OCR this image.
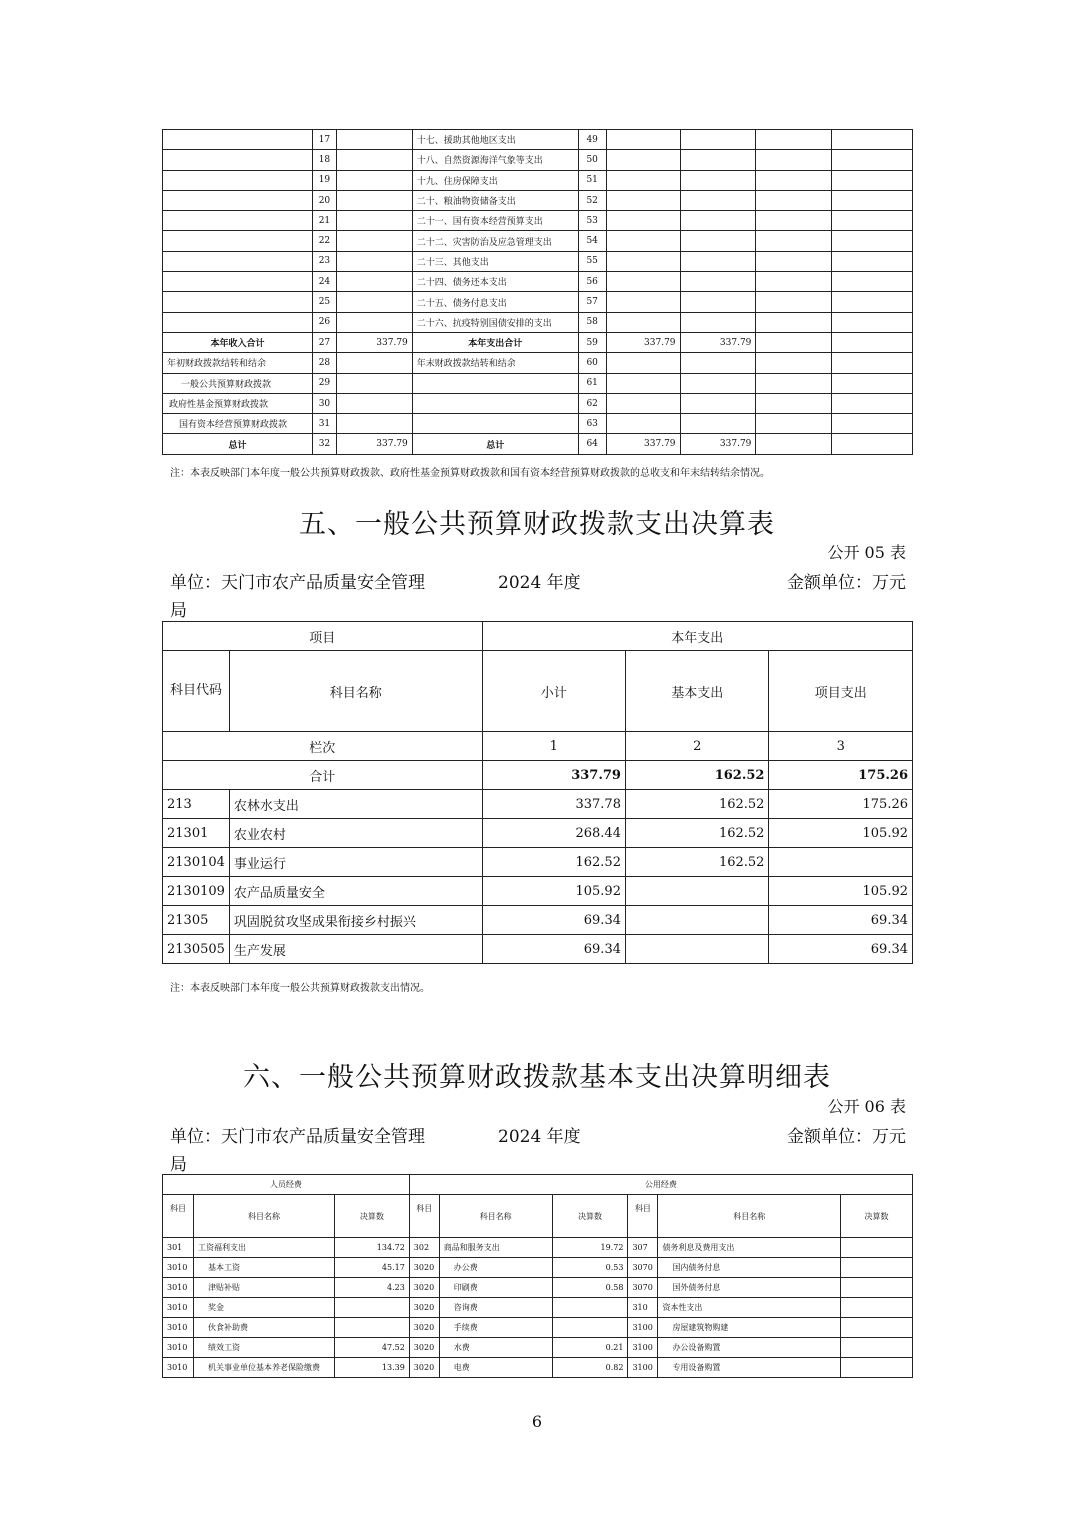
	17		十七、援助其他地区支出	49				
	18		十八、自然资源海洋气象等支出	50				
	19		十九、住房保障支出	51				
	20		二十、粮油物资储备支出	52				
	21		二十一、国有资本经营预算支出	53				
	22		二十二、灾害防治及应急管理支出	54				
	23		二十三、其他支出	55				
	24		二十四、债务还本支出	56				
	25		二十五、债务付息支出	57				
	26		二十六、抗疫特别国债安排的支出	58				
本年收入合计	27	337.79	本年支出合计	59	337.79	337.79		
年初财政拨款结转和结余	28		年末财政拨款结转和结余	60				
一般公共预算财政拨款	29			61				
政府性基金预算财政拨款	30			62				
国有资本经营预算财政拨款	31			63				
总计	32	337.79	总计	64	337.79	337.79		
注：本表反映部门本年度一般公共预算财政拨款、政府性基金预算财政拨款和国有资本经营预算财政拨款的总收支和年末结转结余情况。
五、一般公共预算财政拨款支出决算表
公开 05 表
单位：天门市农产品质量安全管理	2024 年度	金额单位：万元
局
项目		本年支出		
科目代码	科目名称	小计	基本支出	项目支出
栏次		1	2	3
合计		337.79	162.52	175.26
213	农林水支出	337.78	162.52	175.26
21301	农业农村	268.44	162.52	105.92
2130104	事业运行	162.52	162.52	
2130109	农产品质量安全	105.92		105.92
21305	巩固脱贫攻坚成果衔接乡村振兴	69.34		69.34
2130505	生产发展	69.34		69.34
注：本表反映部门本年度一般公共预算财政拨款支出情况。
六、一般公共预算财政拨款基本支出决算明细表
公开 06 表
单位：天门市农产品质量安全管理	2024 年度	金额单位：万元
局
人员经费			公用经费					
科目	科目名称	决算数	科目	科目名称	决算数	科目	科目名称	决算数
301	工资福利支出	134.72	302	商品和服务支出	19.72	307	债务利息及费用支出	
3010	基本工资	45.17	3020	办公费	0.53	3070	国内债务付息	
3010	津贴补贴	4.23	3020	印刷费	0.58	3070	国外债务付息	
3010	奖金		3020	咨询费		310	资本性支出	
3010	伙食补助费		3020	手续费		3100	房屋建筑物购建	
3010	绩效工资	47.52	3020	水费	0.21	3100	办公设备购置	
3010	机关事业单位基本养老保险缴费	13.39	3020	电费	0.82	3100	专用设备购置	
6
